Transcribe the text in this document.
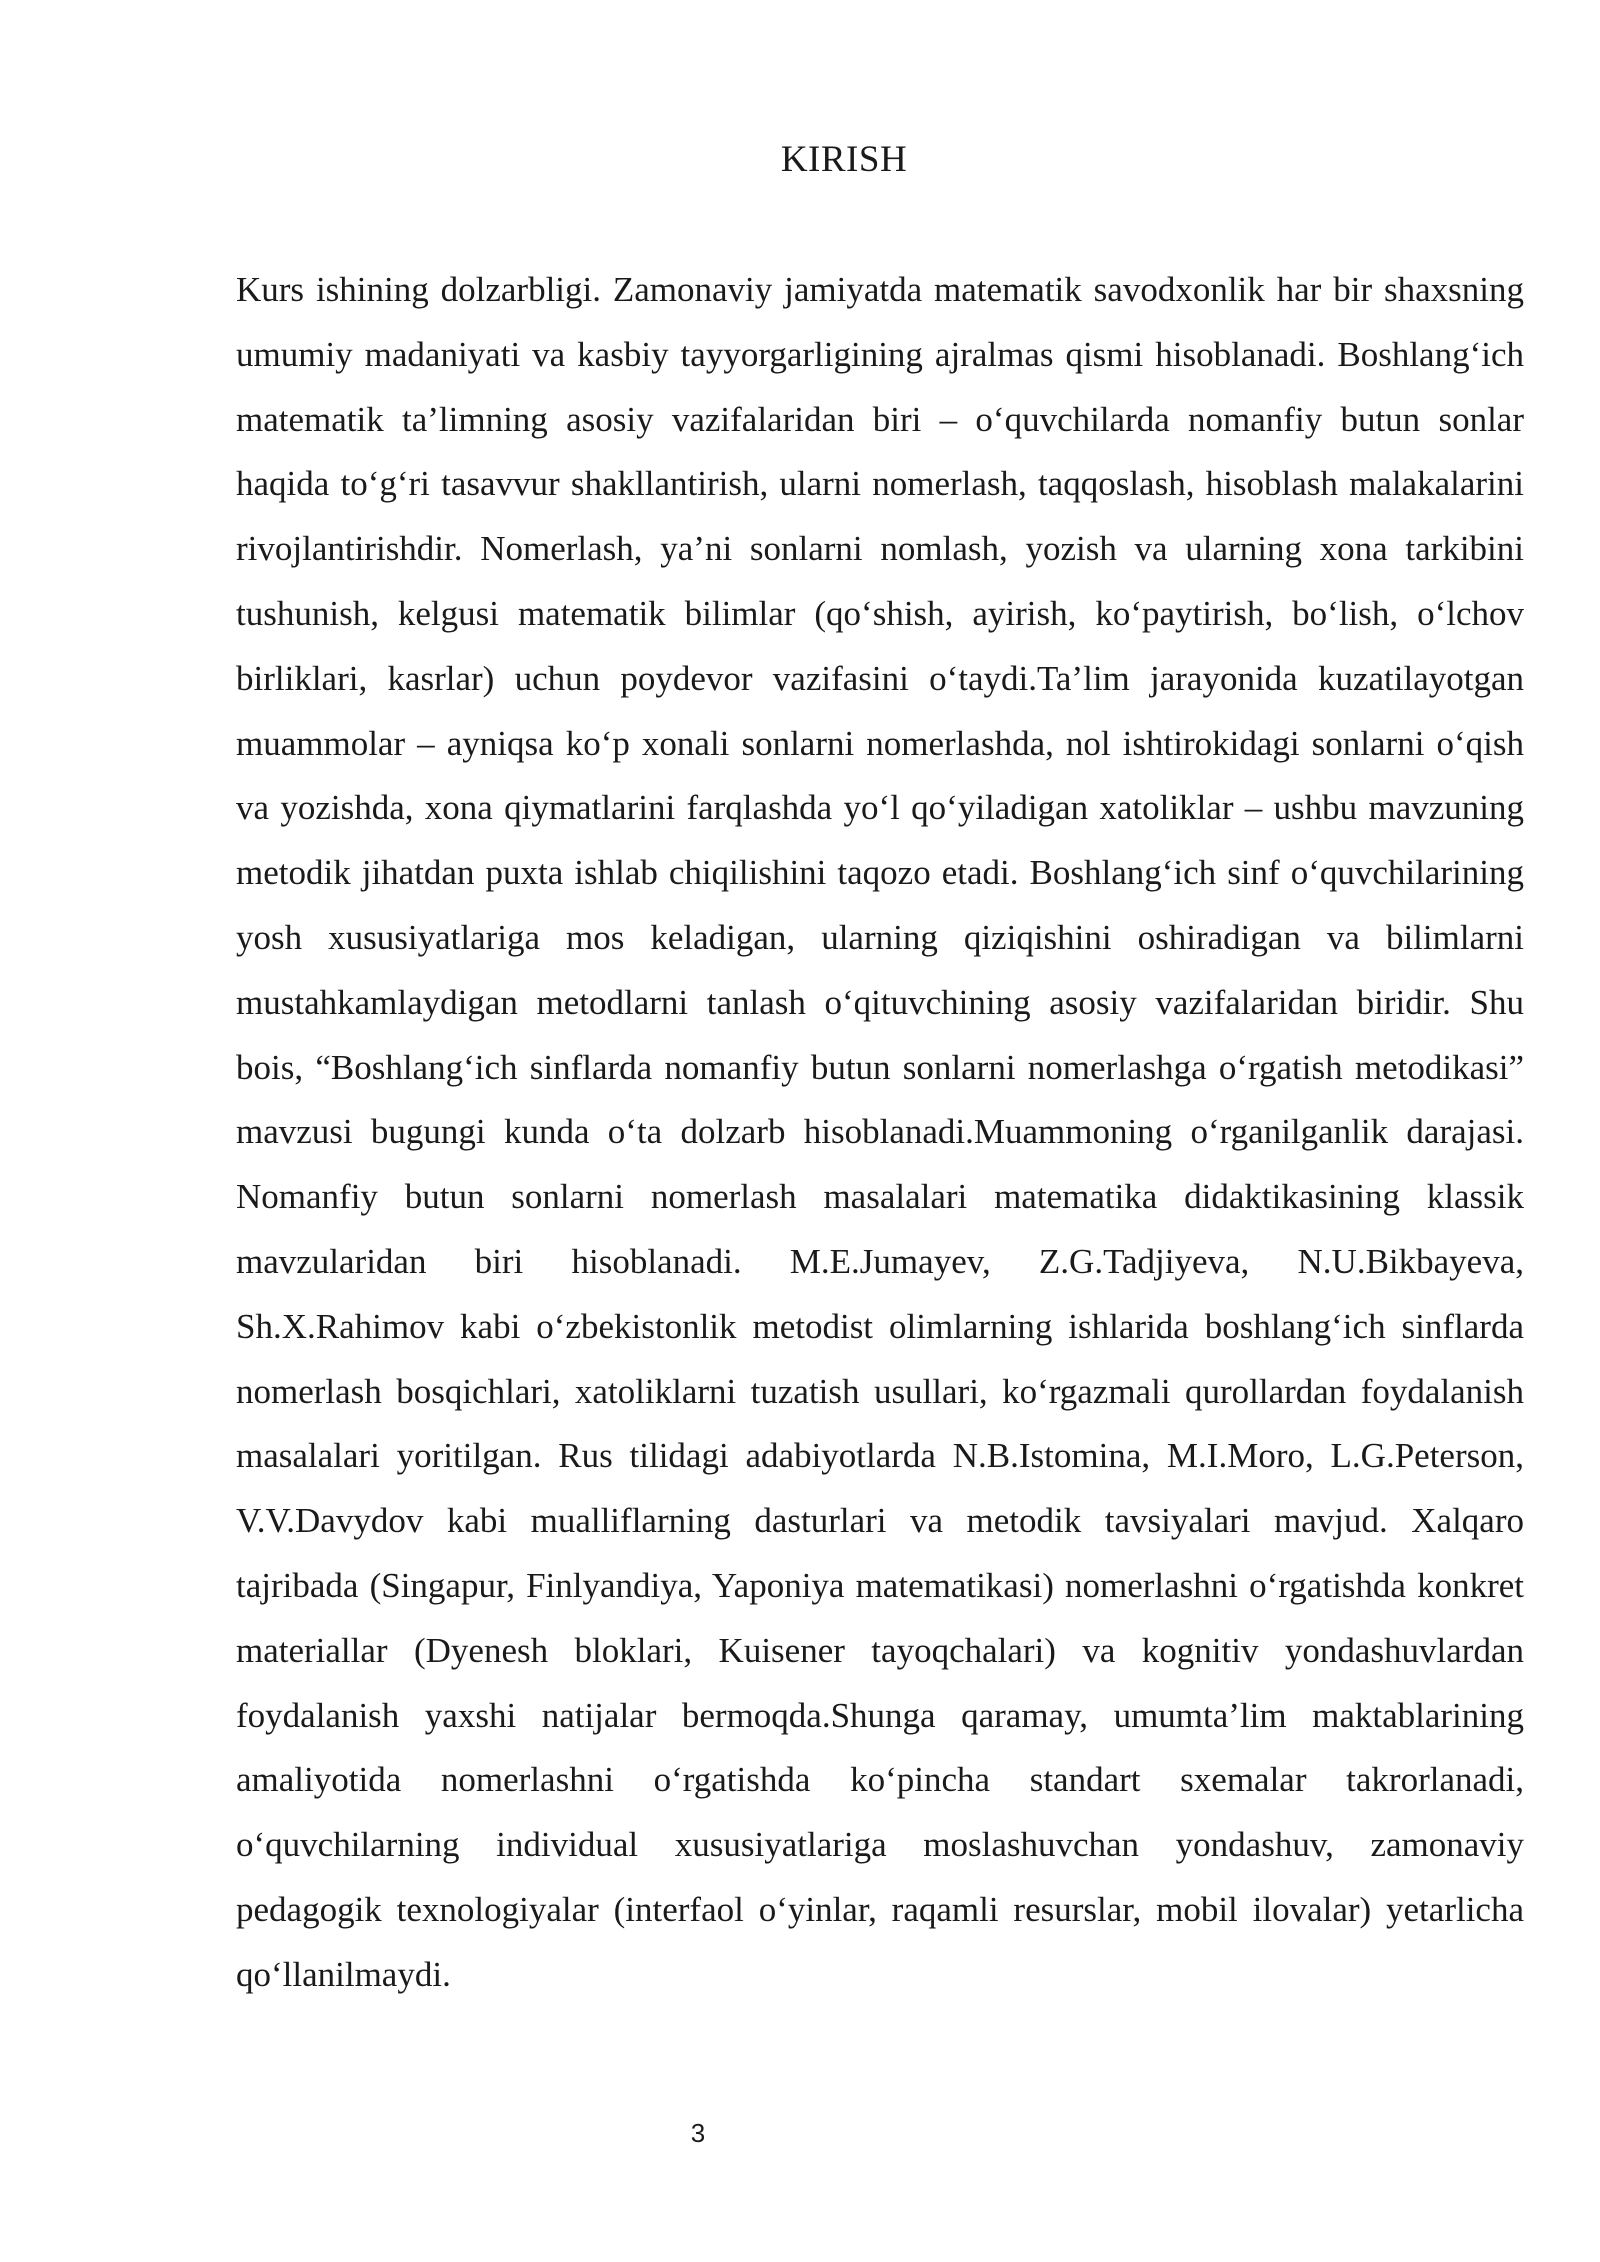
KIRISH

Kurs ishining dolzarbligi. Zamonaviy jamiyatda matematik savodxonlik har bir shaxsning umumiy madaniyati va kasbiy tayyorgarligining ajralmas qismi hisoblanadi. Boshlang‘ich matematik ta’limning asosiy vazifalaridan biri – o‘quvchilarda nomanfiy butun sonlar haqida to‘g‘ri tasavvur shakllantirish, ularni nomerlash, taqqoslash, hisoblash malakalarini rivojlantirishdir. Nomerlash, ya’ni sonlarni nomlash, yozish va ularning xona tarkibini tushunish, kelgusi matematik bilimlar (qo‘shish, ayirish, ko‘paytirish, bo‘lish, o‘lchov birliklari, kasrlar) uchun poydevor vazifasini o‘taydi.Ta’lim jarayonida kuzatilayotgan muammolar – ayniqsa ko‘p xonali sonlarni nomerlashda, nol ishtirokidagi sonlarni o‘qish va yozishda, xona qiymatlarini farqlashda yo‘l qo‘yiladigan xatoliklar – ushbu mavzuning metodik jihatdan puxta ishlab chiqilishini taqozo etadi. Boshlang‘ich sinf o‘quvchilarining yosh xususiyatlariga mos keladigan, ularning qiziqishini oshiradigan va bilimlarni mustahkamlaydigan metodlarni tanlash o‘qituvchining asosiy vazifalaridan biridir. Shu bois, “Boshlang‘ich sinflarda nomanfiy butun sonlarni nomerlashga o‘rgatish metodikasi” mavzusi bugungi kunda o‘ta dolzarb hisoblanadi.Muammoning o‘rganilganlik darajasi. Nomanfiy butun sonlarni nomerlash masalalari matematika didaktikasining klassik mavzularidan biri hisoblanadi. M.E.Jumayev, Z.G.Tadjiyeva, N.U.Bikbayeva, Sh.X.Rahimov kabi o‘zbekistonlik metodist olimlarning ishlarida boshlang‘ich sinflarda nomerlash bosqichlari, xatoliklarni tuzatish usullari, ko‘rgazmali qurollardan foydalanish masalalari yoritilgan. Rus tilidagi adabiyotlarda N.B.Istomina, M.I.Moro, L.G.Peterson, V.V.Davydov kabi mualliflarning dasturlari va metodik tavsiyalari mavjud. Xalqaro tajribada (Singapur, Finlyandiya, Yaponiya matematikasi) nomerlashni o‘rgatishda konkret materiallar (Dyenesh bloklari, Kuisener tayoqchalari) va kognitiv yondashuvlardan foydalanish yaxshi natijalar bermoqda.Shunga qaramay, umumta’lim maktablarining amaliyotida nomerlashni o‘rgatishda ko‘pincha standart sxemalar takrorlanadi, o‘quvchilarning individual xususiyatlariga moslashuvchan yondashuv, zamonaviy pedagogik texnologiyalar (interfaol o‘yinlar, raqamli resurslar, mobil ilovalar) yetarlicha qo‘llanilmaydi.

3
